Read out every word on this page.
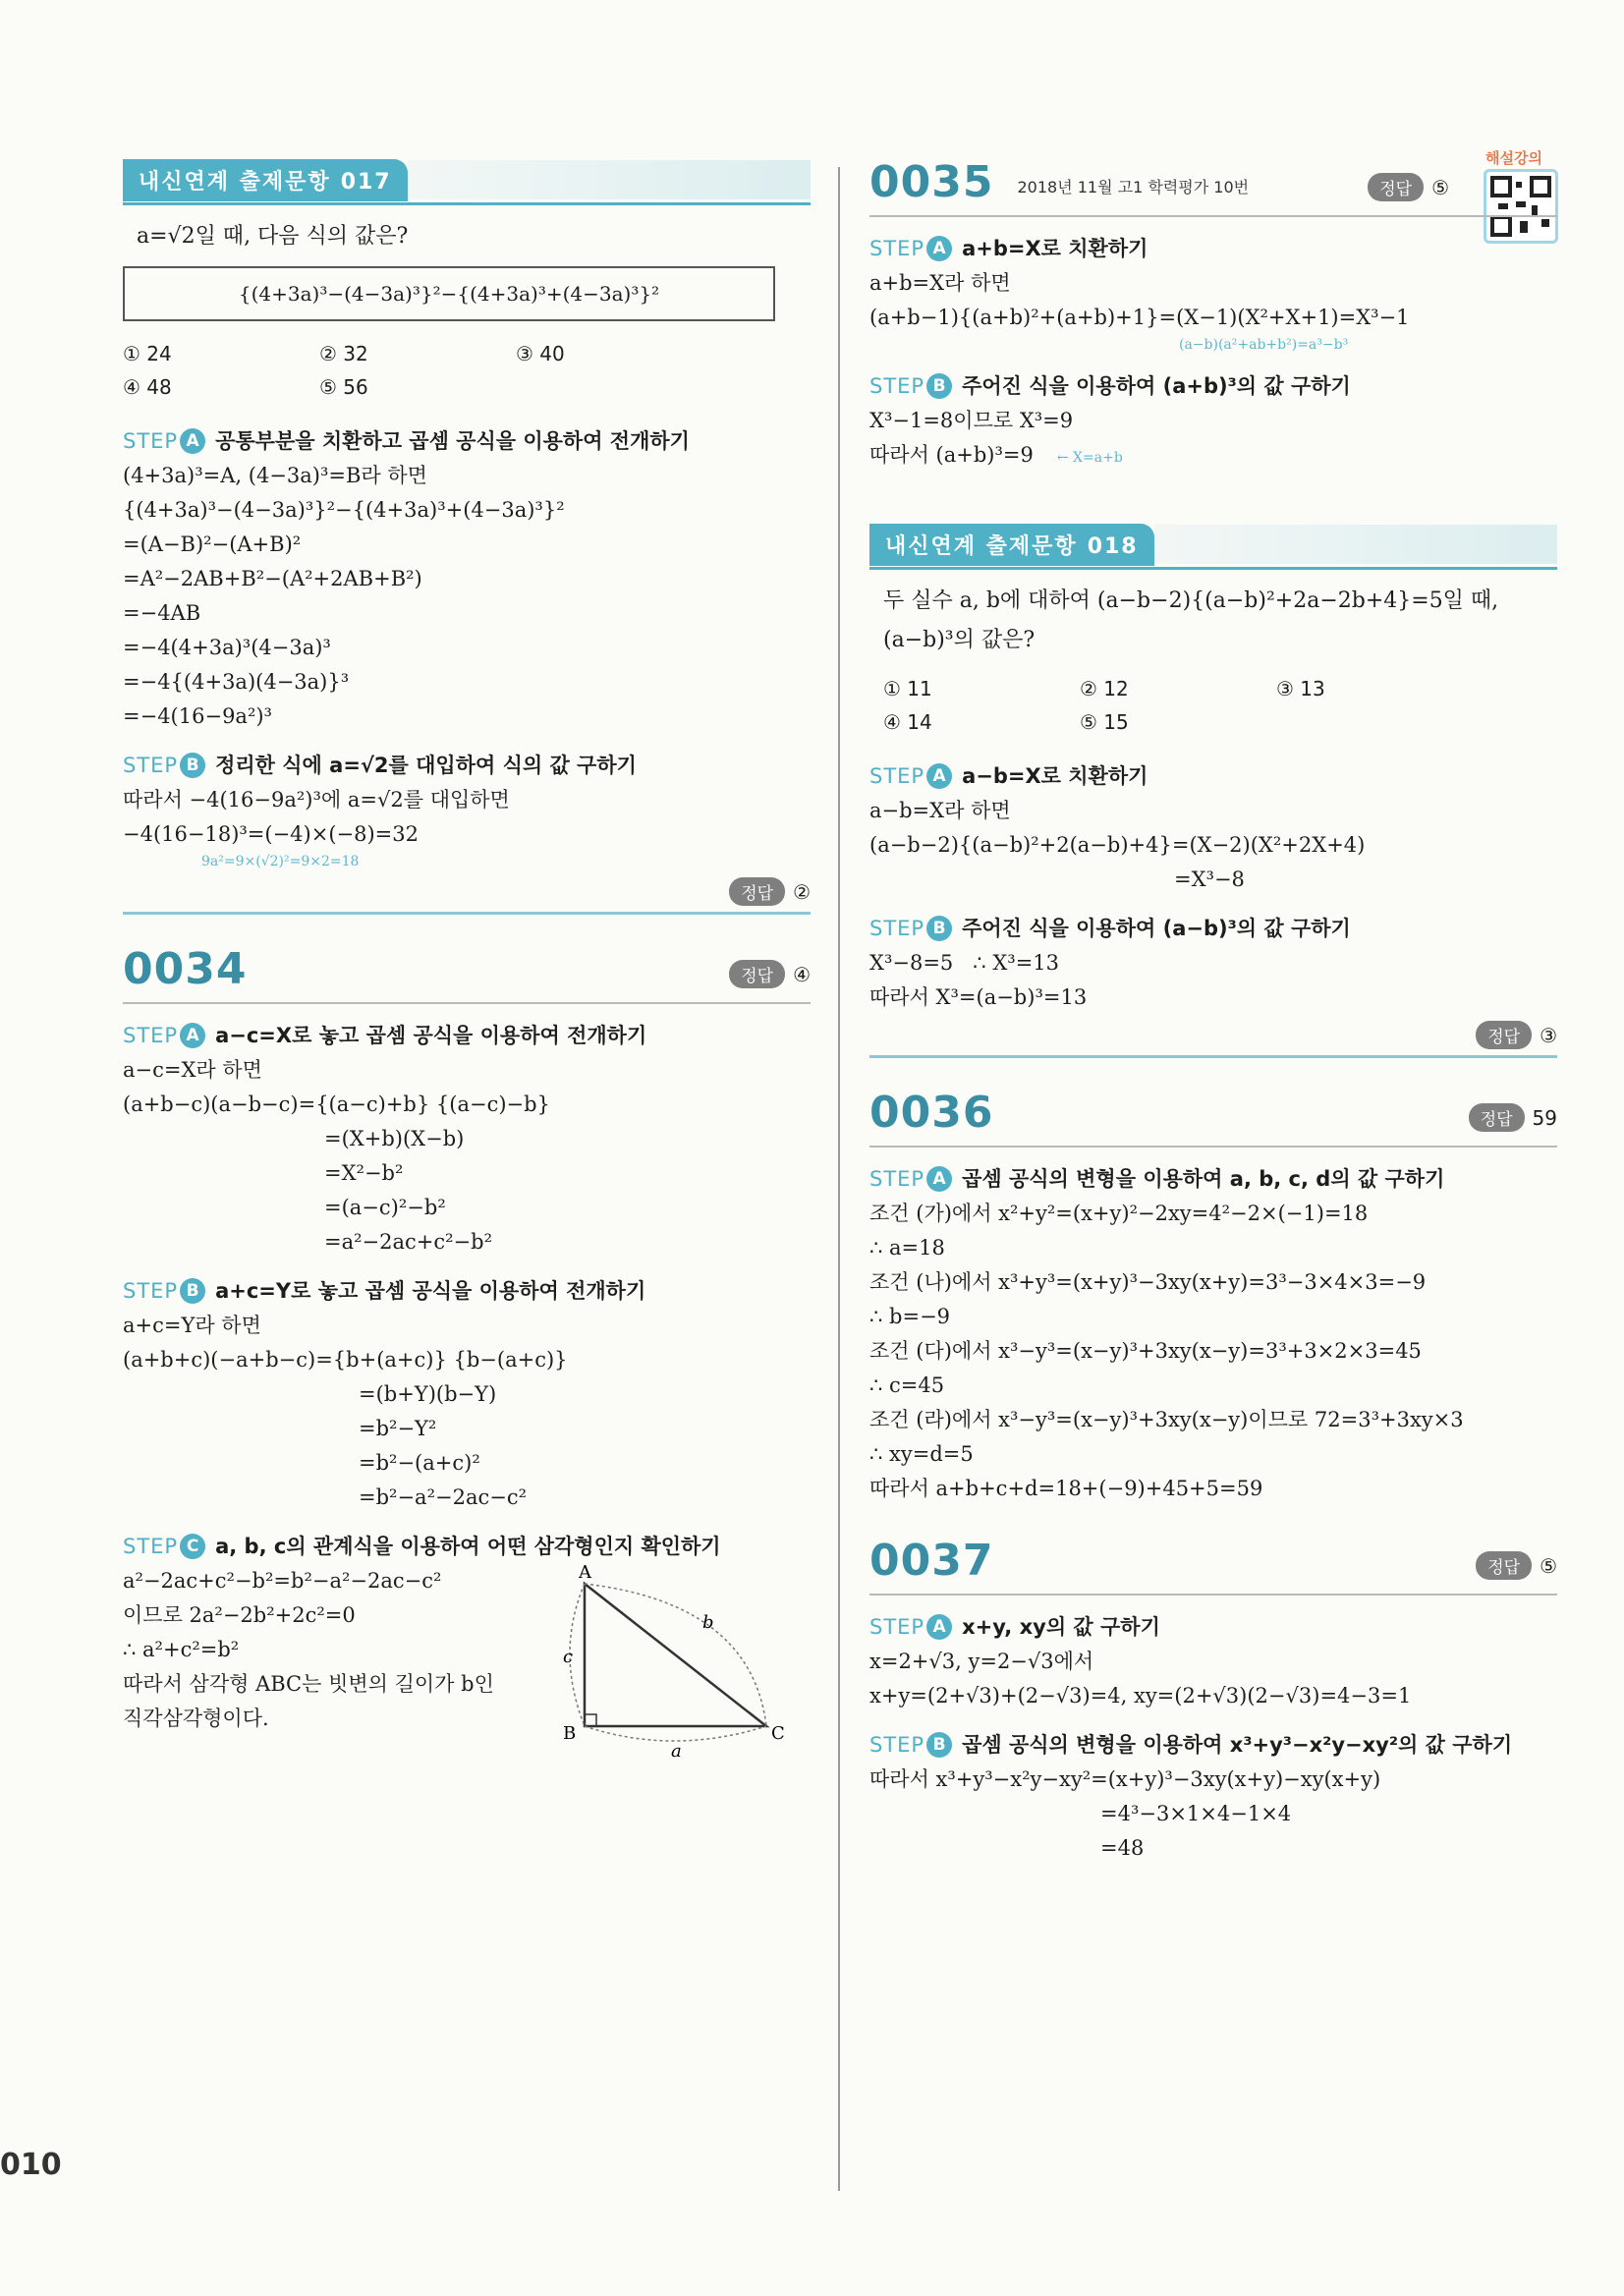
해설강의
010
내신연계 출제문항 017
a=√2일 때, 다음 식의 값은?
{(4+3a)³−(4−3a)³}²−{(4+3a)³+(4−3a)³}²
① 24	② 32	③ 40
④ 48	⑤ 56
STEP A 공통부분을 치환하고 곱셈 공식을 이용하여 전개하기
(4+3a)³=A, (4−3a)³=B라 하면
{(4+3a)³−(4−3a)³}²−{(4+3a)³+(4−3a)³}²
=(A−B)²−(A+B)²
=A²−2AB+B²−(A²+2AB+B²)
=−4AB
=−4(4+3a)³(4−3a)³
=−4{(4+3a)(4−3a)}³
=−4(16−9a²)³
STEP B 정리한 식에 a=√2를 대입하여 식의 값 구하기
따라서 −4(16−9a²)³에 a=√2를 대입하면
−4(16−18)³=(−4)×(−8)=32
9a²=9×(√2)²=9×2=18
정답	②
0034	정답	④
STEP A a−c=X로 놓고 곱셈 공식을 이용하여 전개하기
a−c=X라 하면
(a+b−c)(a−b−c)={(a−c)+b} {(a−c)−b}
=(X+b)(X−b)
=X²−b²
=(a−c)²−b²
=a²−2ac+c²−b²
STEP B a+c=Y로 놓고 곱셈 공식을 이용하여 전개하기
a+c=Y라 하면
(a+b+c)(−a+b−c)={b+(a+c)} {b−(a+c)}
=(b+Y)(b−Y)
=b²−Y²
=b²−(a+c)²
=b²−a²−2ac−c²
STEP C a, b, c의 관계식을 이용하여 어떤 삼각형인지 확인하기
a²−2ac+c²−b²=b²−a²−2ac−c²
이므로 2a²−2b²+2c²=0
∴ a²+c²=b²
따라서 삼각형 ABC는 빗변의 길이가 b인
직각삼각형이다.
A
B	C
c
b
a
0035 2018년 11월 고1 학력평가 10번	정답	⑤
STEP A a+b=X로 치환하기
a+b=X라 하면
(a+b−1){(a+b)²+(a+b)+1}=(X−1)(X²+X+1)=X³−1
(a−b)(a²+ab+b²)=a³−b³
STEP B 주어진 식을 이용하여 (a+b)³의 값 구하기
X³−1=8이므로 X³=9
따라서 (a+b)³=9 ← X=a+b
내신연계 출제문항 018
두 실수 a, b에 대하여 (a−b−2){(a−b)²+2a−2b+4}=5일 때,
(a−b)³의 값은?
① 11	② 12	③ 13
④ 14	⑤ 15
STEP A a−b=X로 치환하기
a−b=X라 하면
(a−b−2){(a−b)²+2(a−b)+4}=(X−2)(X²+2X+4)
=X³−8
STEP B 주어진 식을 이용하여 (a−b)³의 값 구하기
X³−8=5   ∴ X³=13
따라서 X³=(a−b)³=13
정답	③
0036	정답	59
STEP A 곱셈 공식의 변형을 이용하여 a, b, c, d의 값 구하기
조건 (가)에서 x²+y²=(x+y)²−2xy=4²−2×(−1)=18
∴ a=18
조건 (나)에서 x³+y³=(x+y)³−3xy(x+y)=3³−3×4×3=−9
∴ b=−9
조건 (다)에서 x³−y³=(x−y)³+3xy(x−y)=3³+3×2×3=45
∴ c=45
조건 (라)에서 x³−y³=(x−y)³+3xy(x−y)이므로 72=3³+3xy×3
∴ xy=d=5
따라서 a+b+c+d=18+(−9)+45+5=59
0037	정답	⑤
STEP A x+y, xy의 값 구하기
x=2+√3, y=2−√3에서
x+y=(2+√3)+(2−√3)=4, xy=(2+√3)(2−√3)=4−3=1
STEP B 곱셈 공식의 변형을 이용하여 x³+y³−x²y−xy²의 값 구하기
따라서 x³+y³−x²y−xy²=(x+y)³−3xy(x+y)−xy(x+y)
=4³−3×1×4−1×4
=48
